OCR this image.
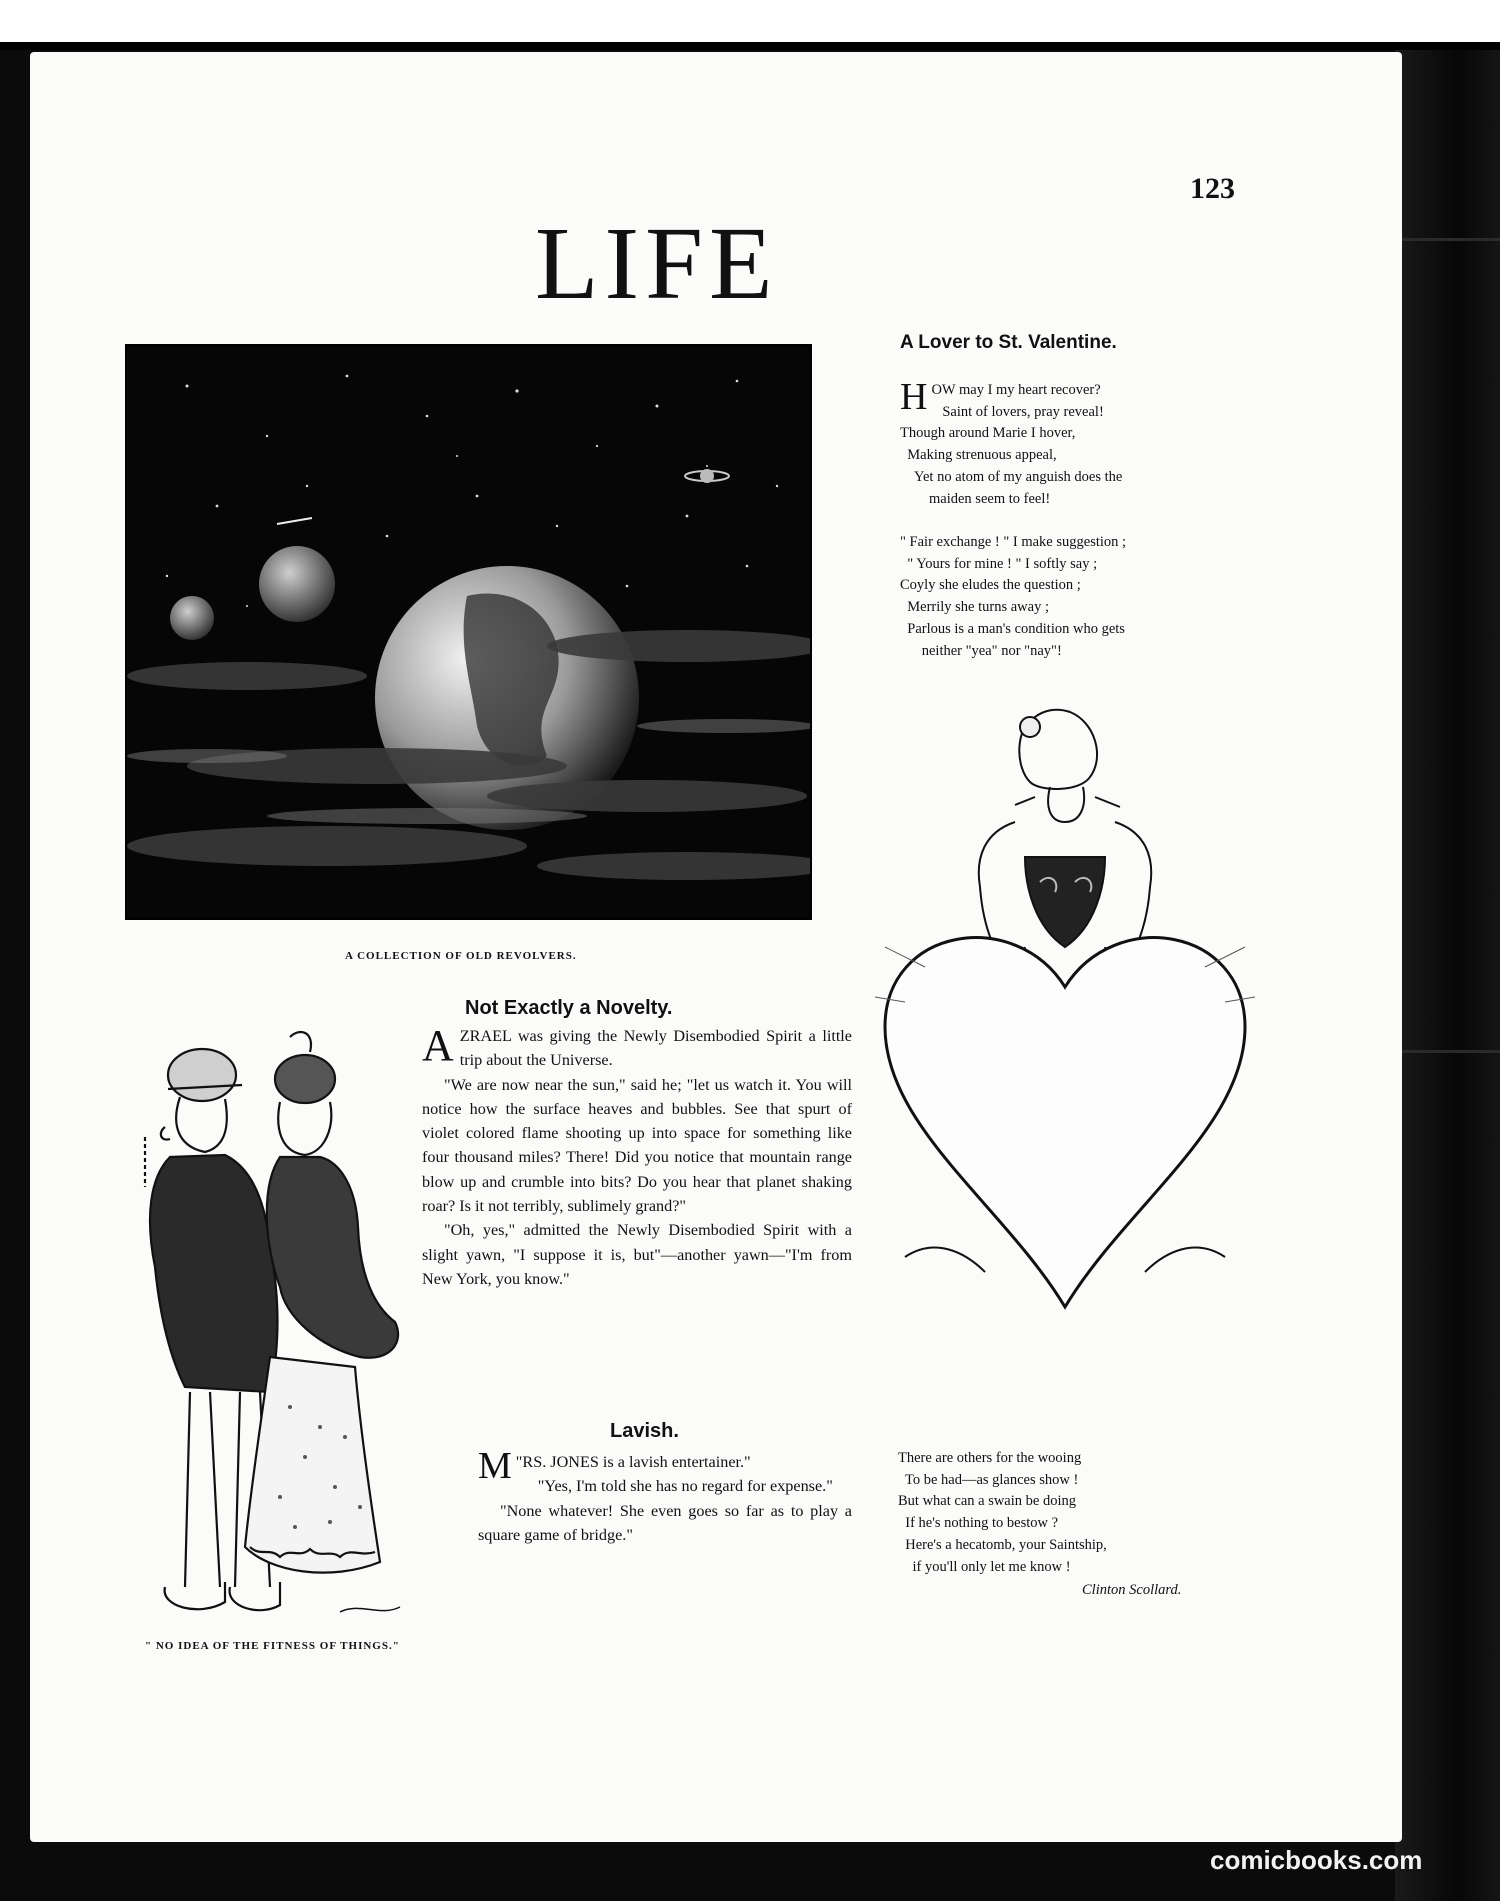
123
LIFE
A COLLECTION OF OLD REVOLVERS.
A Lover to St. Valentine.
HOW may I my heart recover?
Saint of lovers, pray reveal!
Though around Marie I hover,
Making strenuous appeal,
Yet no atom of my anguish does the
maiden seem to feel!
" Fair exchange ! " I make suggestion ;
" Yours for mine ! " I softly say ;
Coyly she eludes the question ;
Merrily she turns away ;
Parlous is a man's condition who gets
neither "yea" nor "nay"!
There are others for the wooing
To be had—as glances show !
But what can a swain be doing
If he's nothing to bestow ?
Here's a hecatomb, your Saintship,
if you'll only let me know !
Clinton Scollard.
" NO IDEA OF THE FITNESS OF THINGS."
Not Exactly a Novelty.

AZRAEL was giving the Newly Disembodied Spirit a little trip about the Universe.

"We are now near the sun," said he; "let us watch it. You will notice how the surface heaves and bubbles. See that spurt of violet colored flame shooting up into space for something like four thousand miles? There! Did you notice that mountain range blow up and crumble into bits? Do you hear that planet shaking roar? Is it not terribly, sublimely grand?"

"Oh, yes," admitted the Newly Disembodied Spirit with a slight yawn, "I suppose it is, but"—another yawn—"I'm from New York, you know."

Lavish.

"
M RS. JONES is a lavish entertainer."

"Yes, I'm told she has no regard for expense."

"None whatever! She even goes so far as to play a square game of bridge."

comicbooks.com
